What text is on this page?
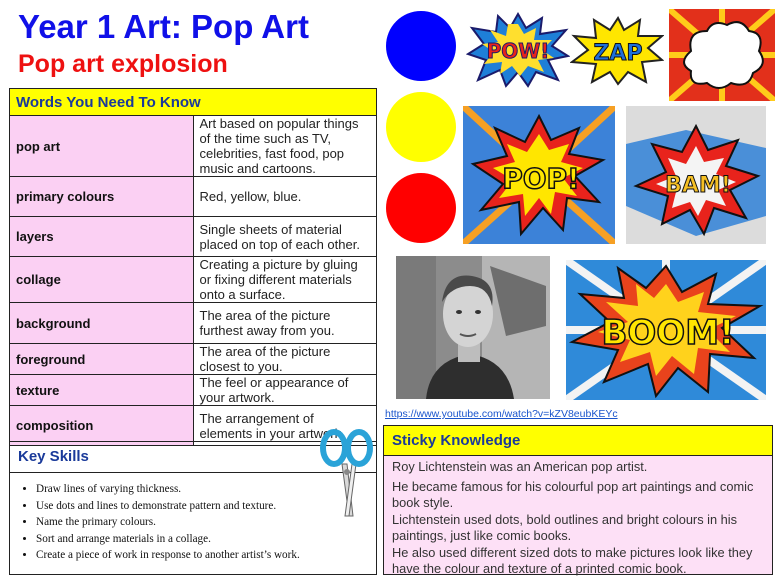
Year 1 Art: Pop Art
Pop art explosion
Words You Need To Know	
pop art	Art based on popular things of the time such as TV, celebrities, fast food, pop music and cartoons.
primary colours	Red, yellow, blue.
layers	Single sheets of material placed on top of each other.
collage	Creating a picture by gluing or fixing different materials onto a surface.
background	The area of the picture furthest away from you.
foreground	The area of the picture closest to you.
texture	The feel or appearance of your artwork.
composition	The arrangement of elements in your artwork.
Key Skills
• Draw lines of varying thickness.
• Use dots and lines to demonstrate pattern and texture.
• Name the primary colours.
• Sort and arrange materials in a collage.
• Create a piece of work in response to another artist’s work.
Sticky Knowledge

Roy Lichtenstein was an American pop artist.

He became famous for his colourful pop art paintings and comic book style.

Lichtenstein used dots, bold outlines and bright colours in his paintings, just like comic books.

He also used different sized dots to make pictures look like they have the colour and texture of a printed comic book.

https://www.youtube.com/watch?v=kZV8eubKEYc
POW! ZAP
POP!	BAM!
BOOM!
